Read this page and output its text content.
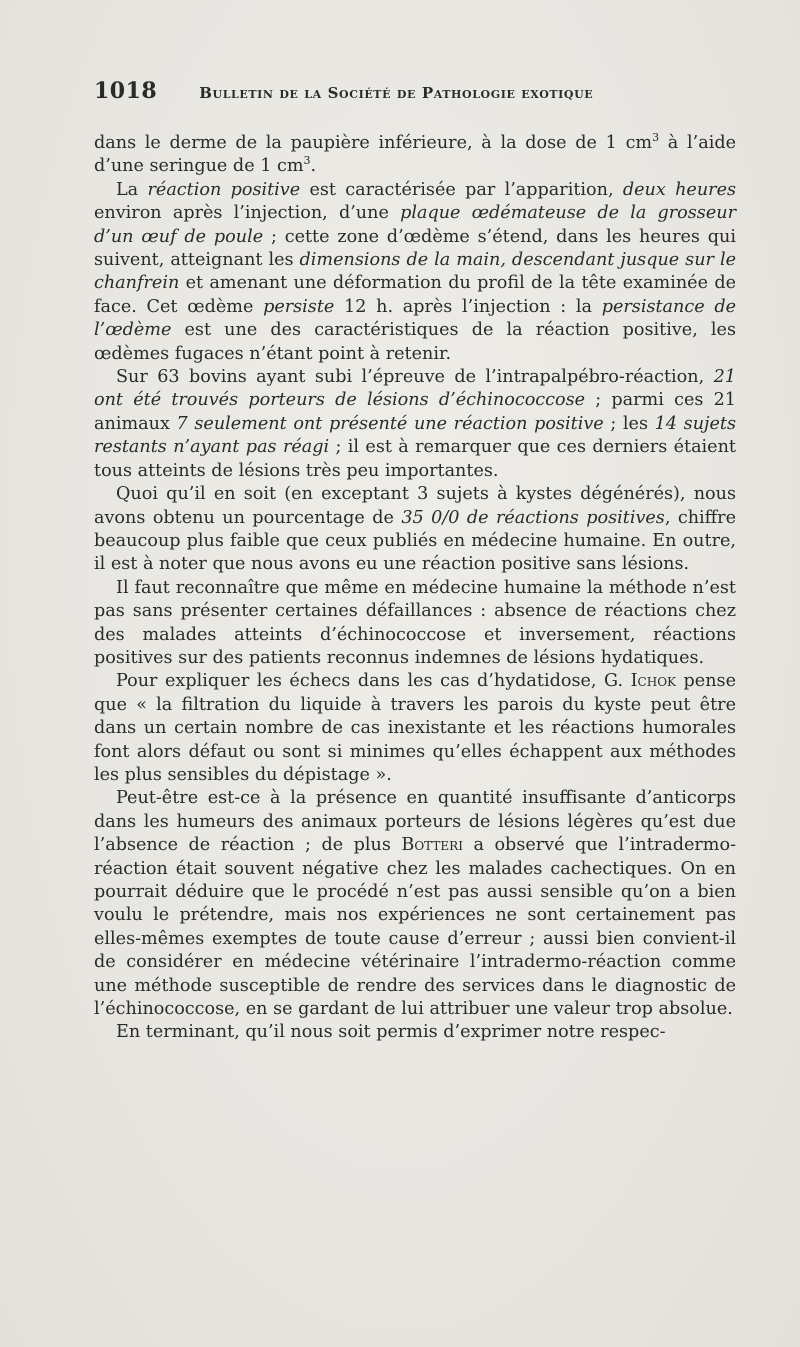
1018	Bulletin de la Société de Pathologie exotique

dans le derme de la paupière inférieure, à la dose de 1 $cm^3$ à l’aide d’une seringue de 1 $cm^3$.

La réaction positive est caractérisée par l’apparition, deux heures environ après l’injection, d’une plaque œdémateuse de la grosseur d’un œuf de poule ; cette zone d’œdème s’étend, dans les heures qui suivent, atteignant les dimensions de la main, descendant jusque sur le chanfrein et amenant une déformation du profil de la tête examinée de face. Cet œdème persiste 12 h. après l’injection : la persistance de l’œdème est une des caractéristiques de la réaction positive, les œdèmes fugaces n’étant point à retenir.

Sur 63 bovins ayant subi l’épreuve de l’intrapalpébro-réaction, 21 ont été trouvés porteurs de lésions d’échinococcose ; parmi ces 21 animaux 7 seulement ont présenté une réaction positive ; les 14 sujets restants n’ayant pas réagi ; il est à remarquer que ces derniers étaient tous atteints de lésions très peu importantes.

Quoi qu’il en soit (en exceptant 3 sujets à kystes dégénérés), nous avons obtenu un pourcentage de 35 0/0 de réactions positives, chiffre beaucoup plus faible que ceux publiés en médecine humaine. En outre, il est à noter que nous avons eu une réaction positive sans lésions.

Il faut reconnaître que même en médecine humaine la méthode n’est pas sans présenter certaines défaillances : absence de réactions chez des malades atteints d’échinococcose et inversement, réactions positives sur des patients reconnus indemnes de lésions hydatiques.

Pour expliquer les échecs dans les cas d’hydatidose, G. Ichok pense que « la filtration du liquide à travers les parois du kyste peut être dans un certain nombre de cas inexistante et les réactions humorales font alors défaut ou sont si minimes qu’elles échappent aux méthodes les plus sensibles du dépistage ».

Peut-être est-ce à la présence en quantité insuffisante d’anticorps dans les humeurs des animaux porteurs de lésions légères qu’est due l’absence de réaction ; de plus Botteri a observé que l’intradermo-réaction était souvent négative chez les malades cachectiques. On en pourrait déduire que le procédé n’est pas aussi sensible qu’on a bien voulu le prétendre, mais nos expériences ne sont certainement pas elles-mêmes exemptes de toute cause d’erreur ; aussi bien convient-il de considérer en médecine vétérinaire l’intradermo-réaction comme une méthode susceptible de rendre des services dans le diagnostic de l’échinococcose, en se gardant de lui attribuer une valeur trop absolue.

En terminant, qu’il nous soit permis d’exprimer notre respec-
